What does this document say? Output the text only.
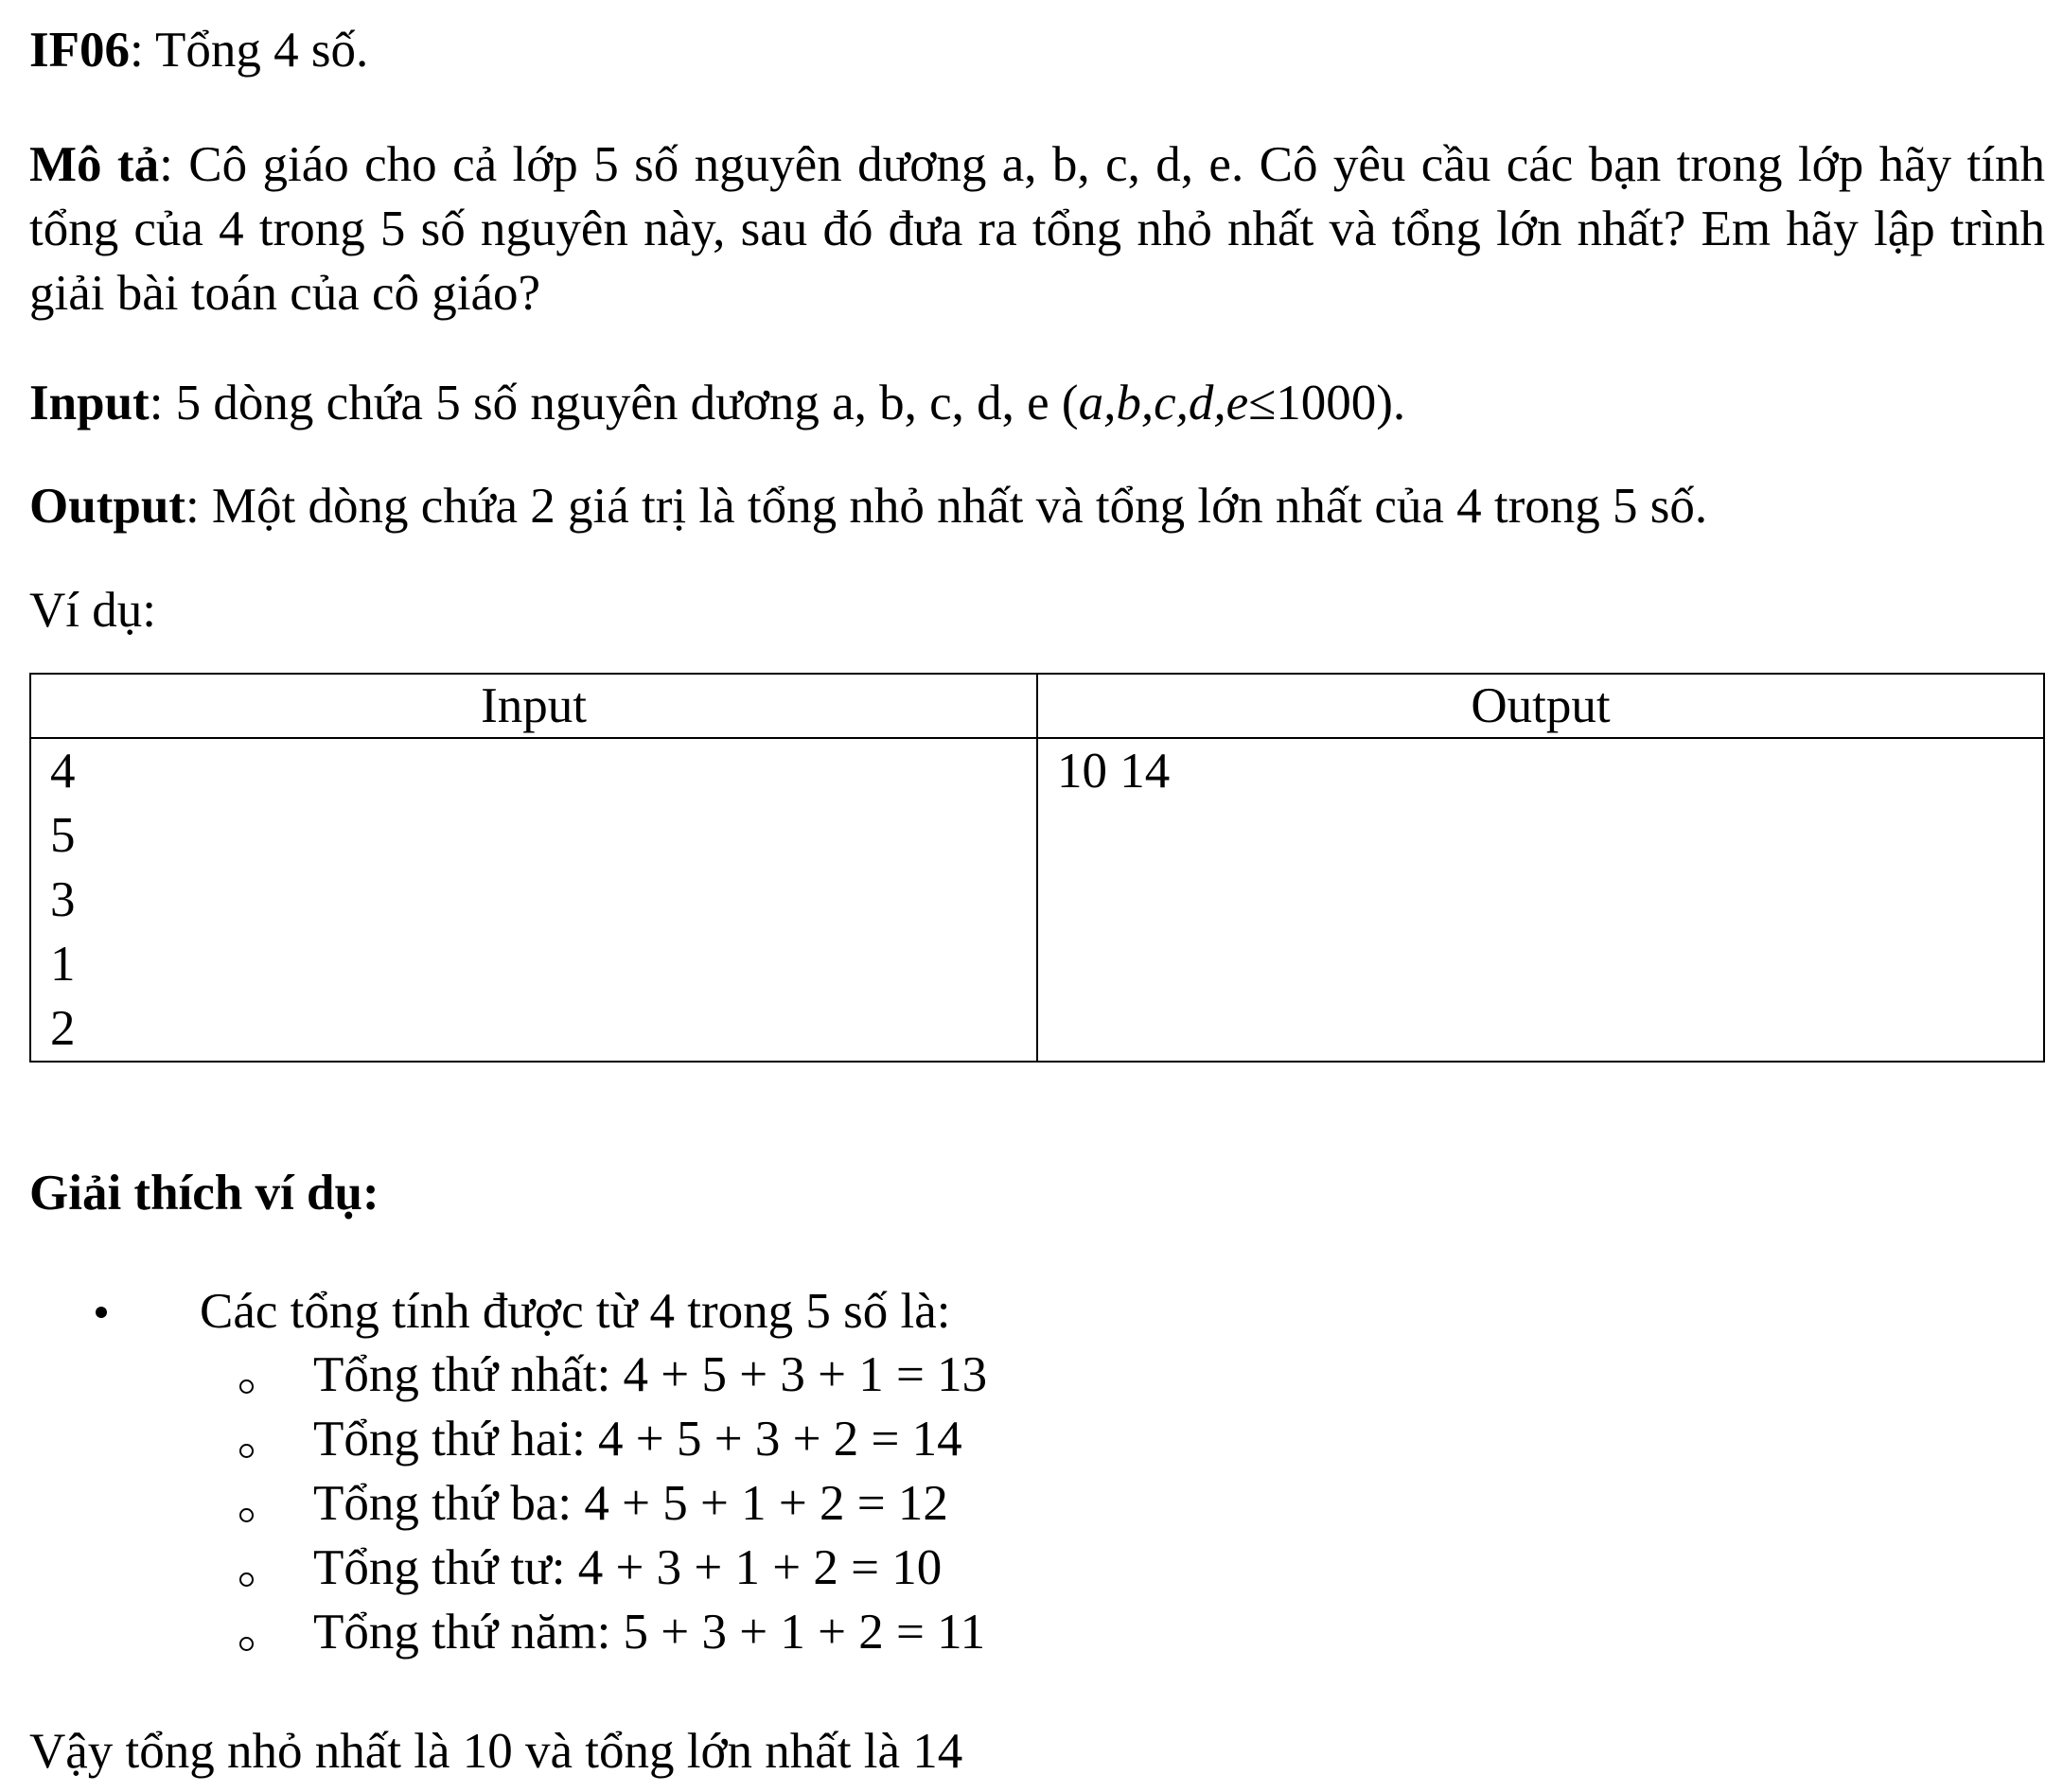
IF06: Tổng 4 số.

Mô tả: Cô giáo cho cả lớp 5 số nguyên dương a, b, c, d, e. Cô yêu cầu các bạn trong lớp hãy tính tổng của 4 trong 5 số nguyên này, sau đó đưa ra tổng nhỏ nhất và tổng lớn nhất? Em hãy lập trình giải bài toán của cô giáo?

Input: 5 dòng chứa 5 số nguyên dương a, b, c, d, e (a,b,c,d,e≤1000).

Output: Một dòng chứa 2 giá trị là tổng nhỏ nhất và tổng lớn nhất của 4 trong 5 số.

Ví dụ:

Input	Output

4
5
3
1
2	10 14

Giải thích ví dụ:

Các tổng tính được từ 4 trong 5 số là:
Tổng thứ nhất: 4 + 5 + 3 + 1 = 13
Tổng thứ hai: 4 + 5 + 3 + 2 = 14
Tổng thứ ba: 4 + 5 + 1 + 2 = 12
Tổng thứ tư: 4 + 3 + 1 + 2 = 10
Tổng thứ năm: 5 + 3 + 1 + 2 = 11

Vậy tổng nhỏ nhất là 10 và tổng lớn nhất là 14
